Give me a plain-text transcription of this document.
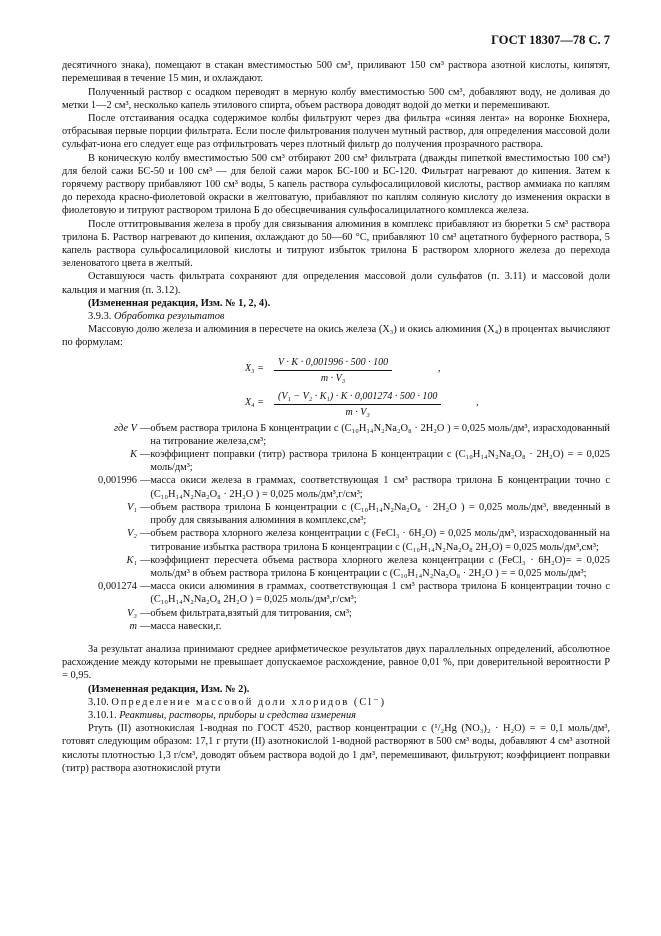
ГОСТ 18307—78 С. 7

десятичного знака), помещают в стакан вместимостью 500 см³, приливают 150 см³ раствора азотной кислоты, кипятят, перемешивая в течение 15 мин, и охлаждают.

Полученный раствор с осадком переводят в мерную колбу вместимостью 500 см³, добавляют воду, не доливая до метки 1—2 см³, несколько капель этилового спирта, объем раствора доводят водой до метки и перемешивают.

После отстаивания осадка содержимое колбы фильтруют через два фильтра «синяя лента» на воронке Бюхнера, отбрасывая первые порции фильтрата. Если после фильтрования получен мутный раствор, для определения массовой доли сульфат-иона его следует еще раз отфильтровать через плотный фильтр до получения прозрачного раствора.

В коническую колбу вместимостью 500 см³ отбирают 200 см³ фильтрата (дважды пипеткой вместимостью 100 см³) для белой сажи БС-50 и 100 см³ — для белой сажи марок БС-100 и БС-120. Фильтрат нагревают до кипения. Затем к горячему раствору прибавляют 100 см³ воды, 5 капель раствора сульфосалициловой кислоты, раствор аммиака по каплям до перехода красно-фиолетовой окраски в желтоватую, прибавляют по каплям соляную кислоту до изменения окраски в фиолетовую и титруют раствором трилона Б до обесцвечивания сульфосалицилатного комплекса железа.

После оттитровывания железа в пробу для связывания алюминия в комплекс прибавляют из бюретки 5 см³ раствора трилона Б. Раствор нагревают до кипения, охлаждают до 50—60 °С, прибавляют 10 см³ ацетатного буферного раствора, 5 капель раствора сульфосалициловой кислоты и титруют избыток трилона Б раствором хлорного железа до перехода зеленоватого цвета в желтый.

Оставшуюся часть фильтрата сохраняют для определения массовой доли сульфатов (п. 3.11) и массовой доли кальция и магния (п. 3.12).

(Измененная редакция, Изм. № 1, 2, 4).

3.9.3. Обработка результатов

Массовую долю железа и алюминия в пересчете на окись железа (X₃) и окись алюминия (X₄) в процентах вычисляют по формулам:

$X_3 = \frac{V \cdot K \cdot 0,001996 \cdot 500 \cdot 100}{\text{m · V₃}}$	,
$X_4 = \frac{\text{(V₁ − V₂ · K₁) · K · 0,001274 · 500 · 100}}{\text{m · V₃}}$	,
где V — объем раствора трилона Б концентрации c (C₁₀H₁₄N₂Na₂O₈ · 2H₂O ) = 0,025 моль/дм³, израсходованный на титрование железа,см³;
K — коэффициент поправки (титр) раствора трилона Б концентрации c (C₁₀H₁₄N₂Na₂O₈ · 2H₂O) = = 0,025 моль/дм³;
0,001996 — масса окиси железа в граммах, соответствующая 1 см³ раствора трилона Б концентрации точно c (C₁₀H₁₄N₂Na₂O₈ · 2H₂O ) = 0,025 моль/дм³,г/см³;
V₁ — объем раствора трилона Б концентрации c (C₁₀H₁₄N₂Na₂O₈ · 2H₂O ) = 0,025 моль/дм³, введенный в пробу для связывания алюминия в комплекс,см³;
V₂ — объем раствора хлорного железа концентрации c (FeCl₃ · 6H₂O) = 0,025 моль/дм³, израсходованный на титрование избытка раствора трилона Б концентрации c (C₁₀H₁₄N₂Na₂O₈ 2H₂O) = 0,025 моль/дм³,см³;
K₁ — коэффициент пересчета объема раствора хлорного железа концентрации c (FeCl₃ · 6H₂O)= = 0,025 моль/дм³ в объем раствора трилона Б концентрации c (C₁₀H₁₄N₂Na₂O₈ · 2H₂O ) = = 0,025 моль/дм³;
0,001274 — масса окиси алюминия в граммах, соответствующая 1 см³ раствора трилона Б концентрации точно c (C₁₀H₁₄N₂Na₂O₈ 2H₂O ) = 0,025 моль/дм³,г/см³;
V₃ — объем фильтрата,взятый для титрования, см³;
m — масса навески,г.

За результат анализа принимают среднее арифметическое результатов двух параллельных определений, абсолютное расхождение между которыми не превышает допускаемое расхождение, равное 0,01 %, при доверительной вероятности P = 0,95.

(Измененная редакция, Изм. № 2).

3.10. Определение массовой доли хлоридов (Cl⁻)

3.10.1. Реактивы, растворы, приборы и средства измерения

Ртуть (II) азотнокислая 1-водная по ГОСТ 4520, раствор концентрации c (¹/₂Hg (NO₃)₂ · H₂O) = = 0,1 моль/дм³, готовят следующим образом: 17,1 г ртути (II) азотнокислой 1-водной растворяют в 500 см³ воды, добавляют 4 см³ азотной кислоты плотностью 1,3 г/см³, доводят объем раствора водой до 1 дм³, перемешивают, фильтруют; коэффициент поправки (титр) раствора азотнокислой ртути
